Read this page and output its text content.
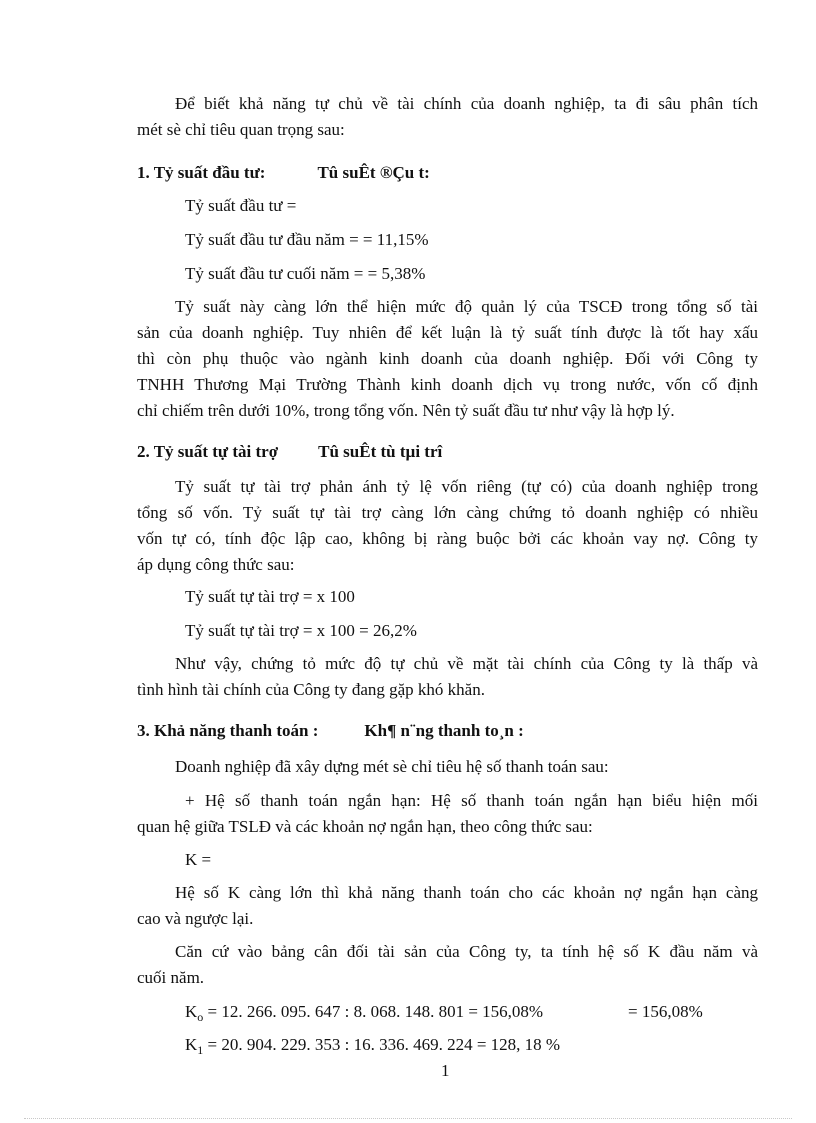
Để biết khả năng tự chủ về tài chính của doanh nghiệp, ta đi sâu phân tích
mét sè chỉ tiêu quan trọng sau:
1. Tỷ suất đầu tư:	Tû suÊt ®Çu t:
Tỷ suất đầu tư =
Tỷ suất đầu tư đầu năm = = 11,15%
Tỷ suất đầu tư cuối năm = = 5,38%
Tỷ suất này càng lớn thể hiện mức độ quản lý của TSCĐ trong tổng số tài
sản của doanh nghiệp. Tuy nhiên để kết luận là tỷ suất tính được là tốt hay xấu
thì còn phụ thuộc vào ngành kinh doanh của doanh nghiệp. Đối với Công ty
TNHH Thương Mại Trường Thành kinh doanh dịch vụ trong nước, vốn cố định
chỉ chiếm trên dưới 10%, trong tổng vốn. Nên tỷ suất đầu tư như vậy là hợp lý.
2. Tỷ suất tự tài trợ Tû suÊt tù tµi trî
Tỷ suất tự tài trợ phản ánh tỷ lệ vốn riêng (tự có) của doanh nghiệp trong
tổng số vốn. Tỷ suất tự tài trợ càng lớn càng chứng tỏ doanh nghiệp có nhiều
vốn tự có, tính độc lập cao, không bị ràng buộc bởi các khoản vay nợ. Công ty
áp dụng công thức sau:
Tỷ suất tự tài trợ = x 100
Tỷ suất tự tài trợ = x 100 = 26,2%
Như vậy, chứng tỏ mức độ tự chủ về mặt tài chính của Công ty là thấp và
tình hình tài chính của Công ty đang gặp khó khăn.
3. Khả năng thanh toán :	Kh¶ n¨ng thanh to¸n :
Doanh nghiệp đã xây dựng mét sè chỉ tiêu hệ số thanh toán sau:
+ Hệ số thanh toán ngắn hạn: Hệ số thanh toán ngắn hạn biểu hiện mối
quan hệ giữa TSLĐ và các khoản nợ ngắn hạn, theo công thức sau:
K =
Hệ số K càng lớn thì khả năng thanh toán cho các khoản nợ ngắn hạn càng
cao và ngược lại.
Căn cứ vào bảng cân đối tài sản của Công ty, ta tính hệ số K đầu năm và
cuối năm.
$K_o = 12$. 266. 095. 647 : 8. 068. 148. 801 = 156,08%	= 156,08%
$K_1 = 20$. 904. 229. 353 : 16. 336. 469. 224 = 128, 18 %
1
